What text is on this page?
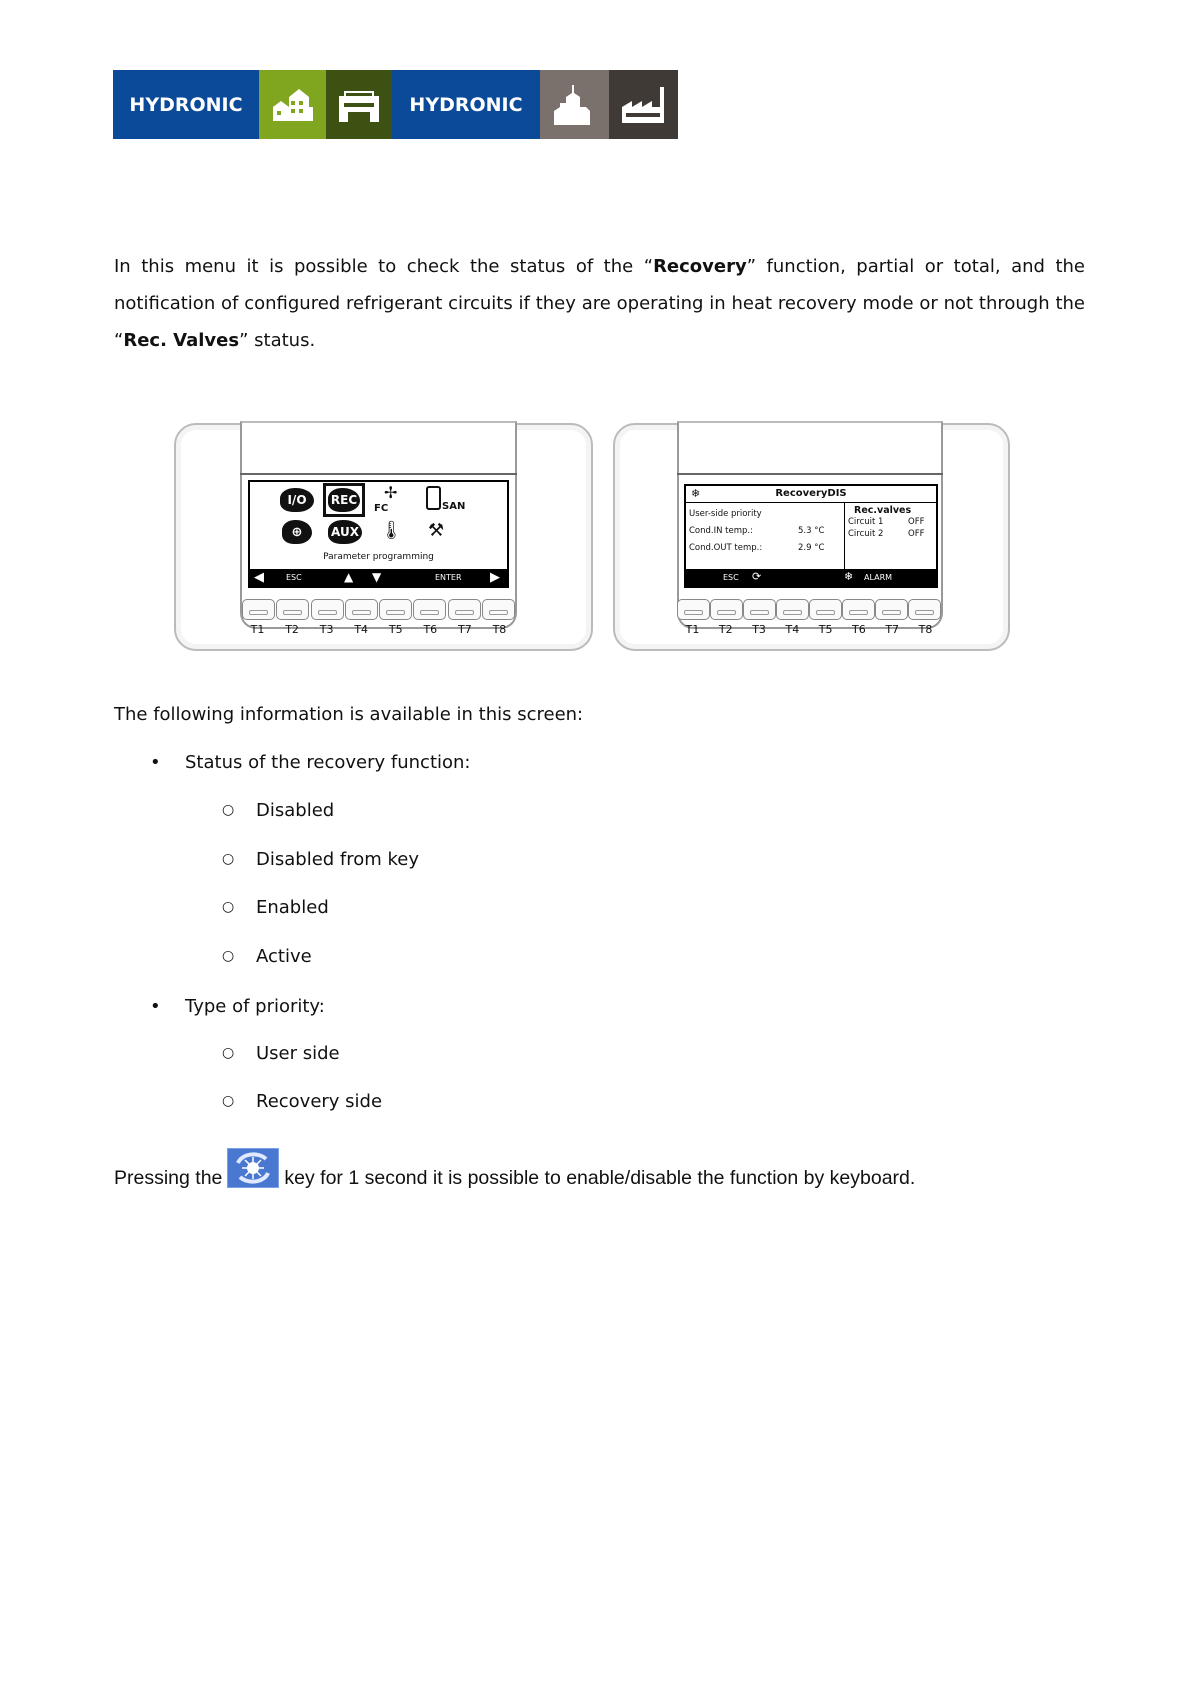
HYDRONIC	HYDRONIC
In this menu it is possible to check the status of the “Recovery” function, partial or total, and the notification of configured refrigerant circuits if they are operating in heat recovery mode or not through the “Rec. Valves” status.
I/O	REC ✢
FC	SAN
⊕	AUX 🌡 ⚒
Parameter programming
◀	ESC	▲ ▼	ENTER ▶
T1	T2	T3	T4	T5	T6	T7	T8
❄	RecoveryDIS
User-side priority
Cond.IN temp.:	5.3 °C
Cond.OUT temp.:	2.9 °C
Rec.valves
Circuit 1	OFF
Circuit 2	OFF
ESC ⟳	❄ ALARM
T1	T2	T3	T4	T5	T6	T7	T8
The following information is available in this screen:
• Status of the recovery function:
○ Disabled
○ Disabled from key
○ Enabled
○ Active
• Type of priority:
○ User side
○ Recovery side
Pressing the	key for 1 second it is possible to enable/disable the function by keyboard.
